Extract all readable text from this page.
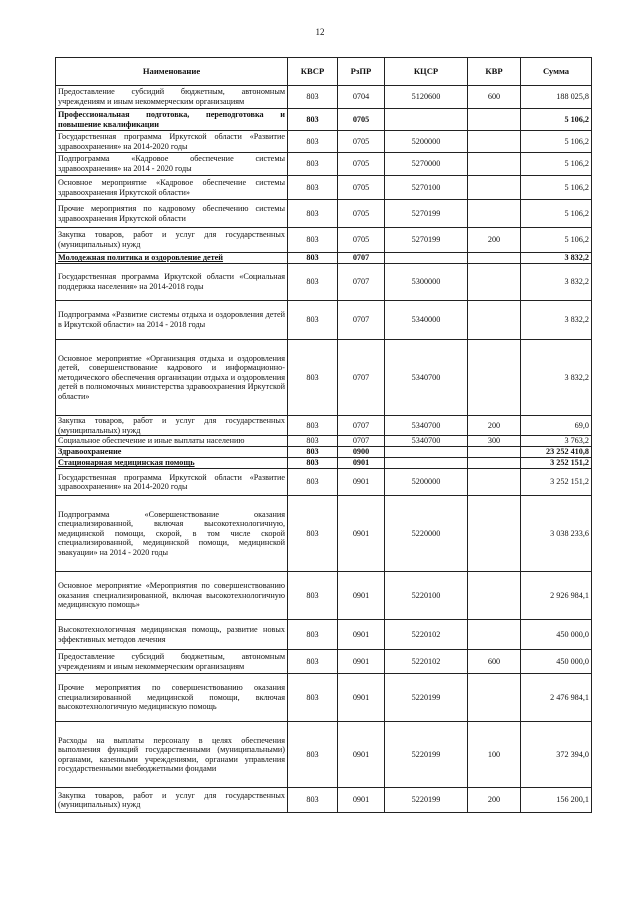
12
Наименование	КВСР	РзПР	КЦСР	КВР	Сумма
Предоставление субсидий бюджетным, автономным учреждениям и иным некоммерческим организациям	803	0704	5120600	600	188 025,8
Профессиональная подготовка, переподготовка и повышение квалификации	803	0705			5 106,2
Государственная программа Иркутской области «Развитие здравоохранения» на 2014-2020 годы	803	0705	5200000		5 106,2
Подпрограмма «Кадровое обеспечение системы здравоохранения» на 2014 - 2020 годы	803	0705	5270000		5 106,2
Основное мероприятие «Кадровое обеспечение системы здравоохранения Иркутской области»	803	0705	5270100		5 106,2
Прочие мероприятия по кадровому обеспечению системы здравоохранения Иркутской области	803	0705	5270199		5 106,2
Закупка товаров, работ и услуг для государственных (муниципальных) нужд	803	0705	5270199	200	5 106,2
Молодежная политика и оздоровление детей	803	0707			3 832,2
Государственная программа Иркутской области «Социальная поддержка населения» на 2014-2018 годы	803	0707	5300000		3 832,2
Подпрограмма «Развитие системы отдыха и оздоровления детей в Иркутской области» на 2014 - 2018 годы	803	0707	5340000		3 832,2
Основное мероприятие «Организация отдыха и оздоровления детей, совершенствование кадрового и информационно-методического обеспечения организации отдыха и оздоровления детей в полномочных министерства здравоохранения Иркутской области»	803	0707	5340700		3 832,2
Закупка товаров, работ и услуг для государственных (муниципальных) нужд	803	0707	5340700	200	69,0
Социальное обеспечение и иные выплаты населению	803	0707	5340700	300	3 763,2
Здравоохранение	803	0900			23 252 410,8
Стационарная медицинская помощь	803	0901			3 252 151,2
Государственная программа Иркутской области «Развитие здравоохранения» на 2014-2020 годы	803	0901	5200000		3 252 151,2
Подпрограмма «Совершенствование оказания специализированной, включая высокотехнологичную, медицинской помощи, скорой, в том числе скорой специализированной, медицинской помощи, медицинской эвакуации» на 2014 - 2020 годы	803	0901	5220000		3 038 233,6
Основное мероприятие «Мероприятия по совершенствованию оказания специализированной, включая высокотехнологичную медицинскую помощь»	803	0901	5220100		2 926 984,1
Высокотехнологичная медицинская помощь, развитие новых эффективных методов лечения	803	0901	5220102		450 000,0
Предоставление субсидий бюджетным, автономным учреждениям и иным некоммерческим организациям	803	0901	5220102	600	450 000,0
Прочие мероприятия по совершенствованию оказания специализированной медицинской помощи, включая высокотехнологичную медицинскую помощь	803	0901	5220199		2 476 984,1
Расходы на выплаты персоналу в целях обеспечения выполнения функций государственными (муниципальными) органами, казенными учреждениями, органами управления государственными внебюджетными фондами	803	0901	5220199	100	372 394,0
Закупка товаров, работ и услуг для государственных (муниципальных) нужд	803	0901	5220199	200	156 200,1
